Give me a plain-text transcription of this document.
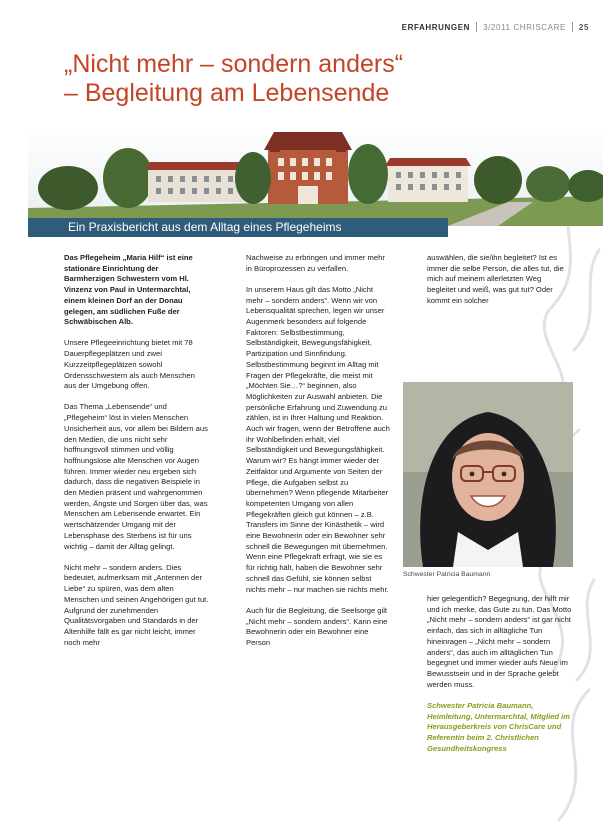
ERFAHRUNGEN 3/2011 CHRISCARE 25
„Nicht mehr – sondern anders“
– Begleitung am Lebensende
Ein Praxisbericht aus dem Alltag eines Pflegeheims

Das Pflegeheim „Maria Hilf“ ist eine stationäre Einrichtung der Barmherzigen Schwestern vom Hl. Vinzenz von Paul in Untermarchtal, einem kleinen Dorf an der Donau gelegen, am südlichen Fuße der Schwäbischen Alb.

Unsere Pflegeeinrichtung bietet mit 78 Dauerpflegeplätzen und zwei Kurzzeitpflegeplätzen sowohl Ordensschwestern als auch Menschen aus der Umgebung offen.

Das Thema „Lebensende“ und „Pflegeheim“ löst in vielen Menschen Unsicherheit aus, vor allem bei Bildern aus den Medien, die uns nicht sehr hoffnungsvoll stimmen und völlig hoffnungslose alte Menschen vor Augen führen. Immer wieder neu ergeben sich dadurch, dass die negativen Beispiele in den Medien präsent und wahrgenommen werden, Ängste und Sorgen über das, was Menschen am Lebensende erwartet. Ein wertschätzender Umgang mit der Lebensphase des Sterbens ist für uns wichtig – damit der Alltag gelingt.

Nicht mehr – sondern anders. Dies bedeutet, aufmerksam mit „Antennen der Liebe“ zu spüren, was dem alten Menschen und seinen Angehörigen gut tut. Aufgrund der zunehmenden Qualitätsvorgaben und Standards in der Altenhilfe fällt es gar nicht leicht, immer noch mehr

Nachweise zu erbringen und immer mehr in Büroprozessen zu verfallen.

In unserem Haus gilt das Motto „Nicht mehr – sondern anders“. Wenn wir von Lebensqualität sprechen, legen wir unser Augenmerk besonders auf folgende Faktoren: Selbstbestimmung, Selbständigkeit, Bewegungsfähigkeit, Partizipation und Sinnfindung. Selbstbestimmung beginnt im Alltag mit Fragen der Pflegekräfte, die meist mit „Möchten Sie…?“ beginnen, also Möglichkeiten zur Auswahl anbieten. Die persönliche Erfahrung und Zuwendung zu zählen, ist in Ihrer Haltung und Reaktion. Auch wir fragen, wenn der Betroffene auch ihr Wohlbefinden erhält, viel Selbständigkeit und Bewegungsfähigkeit. Warum wir? Es hängt immer wieder der Zeitfaktor und Argumente von Seiten der Pflege, die Aufgaben selbst zu übernehmen? Wenn pflegende Mitarbeiter kompetenten Umgang von allen Pflegekräften gleich gut können – z.B. Transfers im Sinne der Kinästhetik – wird eine Bewohnerin oder ein Bewohner sehr schnell die Bewegungen mit übernehmen. Wenn eine Pflegekraft erfragt, wie sie es für richtig hält, haben die Bewohner sehr schnell das Gefühl, sie können selbst nichts mehr – nur machen sie nichts mehr.

Auch für die Begleitung, die Seelsorge gilt „Nicht mehr – sondern anders“. Kann eine Bewohnerin oder ein Bewohner eine Person

auswählen, die sie/ihn begleitet? Ist es immer die selbe Person, die alles tut, die mich auf meinem allerletzten Weg begleitet und weiß, was gut tut? Oder kommt ein solcher

Schwester Patricia Baumann

hier gelegentlich? Begegnung, der hilft mir und ich merke, das Gute zu tun. Das Motto „Nicht mehr – sondern anders“ ist gar nicht einfach, das sich in alltägliche Tun hineinragen – „Nicht mehr – sondern anders“, das auch im alltäglichen Tun begegnet und immer wieder aufs Neue im Bewusstsein und in der Sprache gelebt werden muss.

Schwester Patricia Baumann, Heimleitung, Untermarchtal, Mitglied im Herausgeberkreis von ChrisCare und Referentin beim 2. Christlichen Gesundheitskongress
